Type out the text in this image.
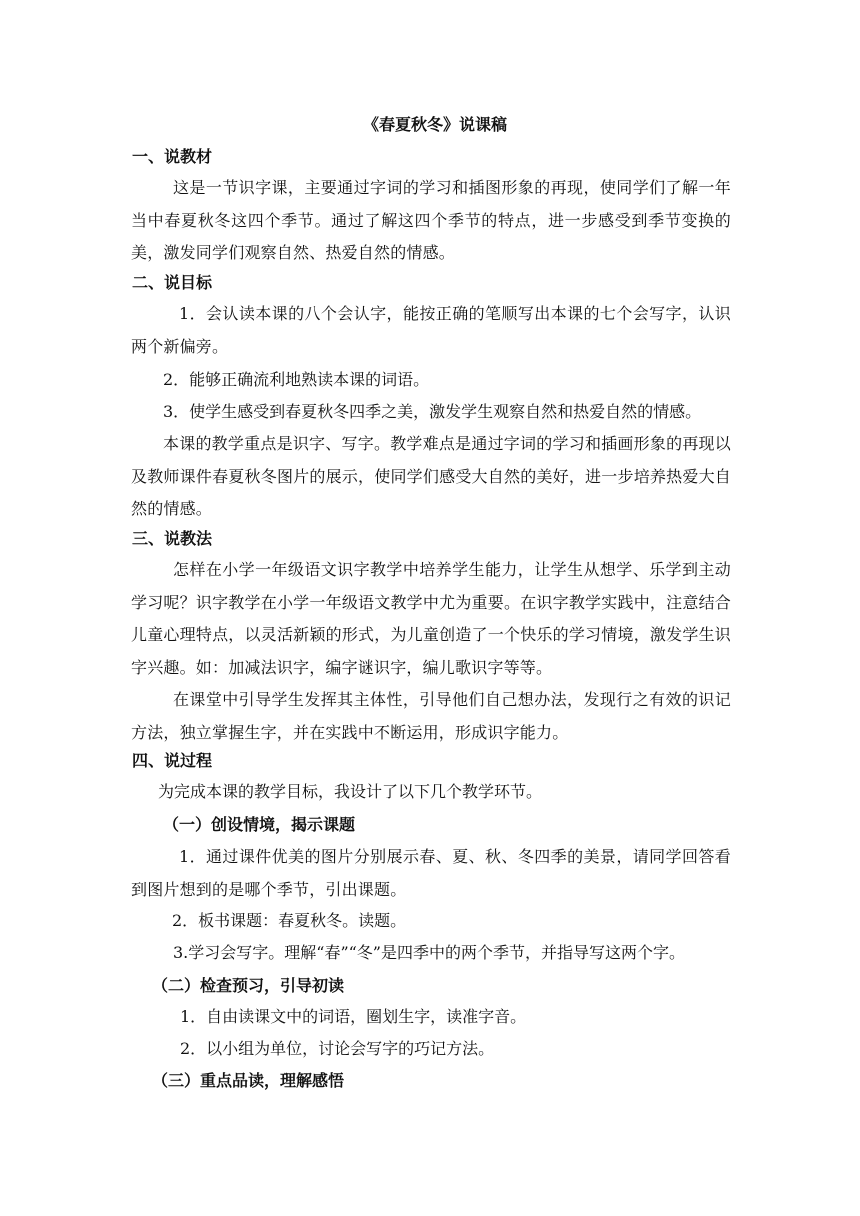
《春夏秋冬》说课稿
一、说教材
这是一节识字课，主要通过字词的学习和插图形象的再现，使同学们了解一年当中春夏秋冬这四个季节。通过了解这四个季节的特点，进一步感受到季节变换的美，激发同学们观察自然、热爱自然的情感。
二、说目标
1．会认读本课的八个会认字，能按正确的笔顺写出本课的七个会写字，认识两个新偏旁。
2．能够正确流利地熟读本课的词语。
3．使学生感受到春夏秋冬四季之美，激发学生观察自然和热爱自然的情感。
本课的教学重点是识字、写字。教学难点是通过字词的学习和插画形象的再现以及教师课件春夏秋冬图片的展示，使同学们感受大自然的美好，进一步培养热爱大自然的情感。
三、说教法
怎样在小学一年级语文识字教学中培养学生能力，让学生从想学、乐学到主动学习呢？识字教学在小学一年级语文教学中尤为重要。在识字教学实践中，注意结合儿童心理特点，以灵活新颖的形式，为儿童创造了一个快乐的学习情境，激发学生识字兴趣。如：加减法识字，编字谜识字，编儿歌识字等等。
在课堂中引导学生发挥其主体性，引导他们自己想办法，发现行之有效的识记方法，独立掌握生字，并在实践中不断运用，形成识字能力。
四、说过程
为完成本课的教学目标，我设计了以下几个教学环节。
（一）创设情境，揭示课题
1．通过课件优美的图片分别展示春、夏、秋、冬四季的美景，请同学回答看到图片想到的是哪个季节，引出课题。
2．板书课题：春夏秋冬。读题。
3.学习会写字。理解“春”“冬”是四季中的两个季节，并指导写这两个字。
（二）检查预习，引导初读
1．自由读课文中的词语，圈划生字，读准字音。
2．以小组为单位，讨论会写字的巧记方法。
（三）重点品读，理解感悟
